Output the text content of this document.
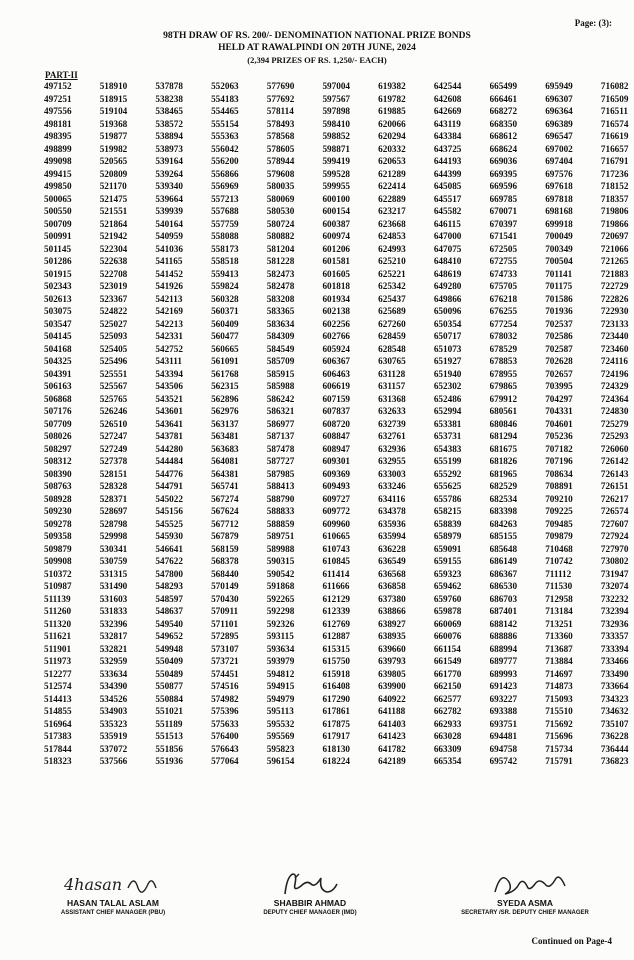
Page: (3):
98TH DRAW OF RS. 200/- DENOMINATION NATIONAL PRIZE BONDS
HELD AT RAWALPINDI ON 20TH JUNE, 2024
(2,394 PRIZES OF RS. 1,250/- EACH)
PART-II
497152	518910	537878	552063	577690	597004	619382	642544	665499	695949	716082
497251	518915	538238	554183	577692	597567	619782	642608	666461	696307	716509
497556	519104	538465	554465	578114	597898	619885	642669	668272	696364	716511
498181	519368	538572	555154	578493	598410	620066	643119	668350	696389	716574
498395	519877	538894	555363	578568	598852	620294	643384	668612	696547	716619
498899	519982	538973	556042	578605	598871	620332	643725	668624	697002	716657
499098	520565	539164	556200	578944	599419	620653	644193	669036	697404	716791
499415	520809	539264	556866	579608	599528	621289	644399	669395	697576	717236
499850	521170	539340	556969	580035	599955	622414	645085	669596	697618	718152
500065	521475	539664	557213	580069	600100	622889	645517	669785	697818	718357
500550	521551	539939	557688	580530	600154	623217	645582	670071	698168	719806
500709	521864	540164	557759	580724	600387	623668	646115	670397	699918	719866
500991	521942	540959	558088	580882	600974	624853	647000	671541	700049	720697
501145	522304	541036	558173	581204	601206	624993	647075	672505	700349	721066
501286	522638	541165	558518	581228	601581	625210	648410	672755	700504	721265
501915	522708	541452	559413	582473	601605	625221	648619	674733	701141	721883
502343	523019	541926	559824	582478	601818	625342	649280	675705	701175	722729
502613	523367	542113	560328	583208	601934	625437	649866	676218	701586	722826
503075	524822	542169	560371	583365	602138	625689	650096	676255	701936	722930
503547	525027	542213	560409	583634	602256	627260	650354	677254	702537	723133
504145	525093	542331	560477	584309	602766	628459	650717	678032	702586	723440
504168	525405	542752	560665	584549	605924	628548	651073	678529	702587	723460
504325	525496	543111	561091	585709	606367	630765	651927	678853	702628	724116
504391	525551	543394	561768	585915	606463	631128	651940	678955	702657	724196
506163	525567	543506	562315	585988	606619	631157	652302	679865	703995	724329
506868	525765	543521	562896	586242	607159	631368	652486	679912	704297	724364
507176	526246	543601	562976	586321	607837	632633	652994	680561	704331	724830
507709	526510	543641	563137	586977	608720	632739	653381	680846	704601	725279
508026	527247	543781	563481	587137	608847	632761	653731	681294	705236	725293
508297	527249	544280	563683	587478	608947	632936	654383	681675	707182	726060
508312	527378	544484	564081	587727	609301	632955	655199	681826	707196	726142
508390	528151	544776	564381	587985	609369	633003	655292	681965	708634	726143
508763	528328	544791	565741	588413	609493	633246	655625	682529	708891	726151
508928	528371	545022	567274	588790	609727	634116	655786	682534	709210	726217
509230	528697	545156	567624	588833	609772	634378	658215	683398	709225	726574
509278	528798	545525	567712	588859	609960	635936	658839	684263	709485	727607
509358	529998	545930	567879	589751	610665	635994	658979	685155	709879	727924
509879	530341	546641	568159	589988	610743	636228	659091	685648	710468	727970
509908	530759	547622	568378	590315	610845	636549	659155	686149	710742	730802
510372	531315	547800	568440	590542	611414	636568	659323	686367	711112	731947
510987	531490	548293	570149	591868	611666	636858	659462	686530	711530	732074
511139	531603	548597	570430	592265	612129	637380	659760	686703	712958	732232
511260	531833	548637	570911	592298	612339	638866	659878	687401	713184	732394
511320	532396	549540	571101	592326	612769	638927	660069	688142	713251	732936
511621	532817	549652	572895	593115	612887	638935	660076	688886	713360	733357
511901	532821	549948	573107	593634	615315	639660	661154	688994	713687	733394
511973	532959	550409	573721	593979	615750	639793	661549	689777	713884	733466
512277	533634	550489	574451	594812	615918	639805	661770	689993	714697	733490
512574	534390	550877	574516	594915	616408	639900	662150	691423	714873	733664
514413	534526	550884	574982	594979	617290	640922	662577	693227	715093	734323
514855	534903	551021	575396	595113	617861	641188	662782	693388	715510	734632
516964	535323	551189	575633	595532	617875	641403	662933	693751	715692	735107
517383	535919	551513	576400	595569	617917	641423	663028	694481	715696	736228
517844	537072	551856	576643	595823	618130	641782	663309	694758	715734	736444
518323	537566	551936	577064	596154	618224	642189	665354	695742	715791	736823
4hasan
HASAN TALAL ASLAM
ASSISTANT CHIEF MANAGER (PBU)
SHABBIR AHMAD
DEPUTY CHIEF MANAGER (IMD)
SYEDA ASMA
SECRETARY /SR. DEPUTY CHIEF MANAGER
Continued on Page-4
